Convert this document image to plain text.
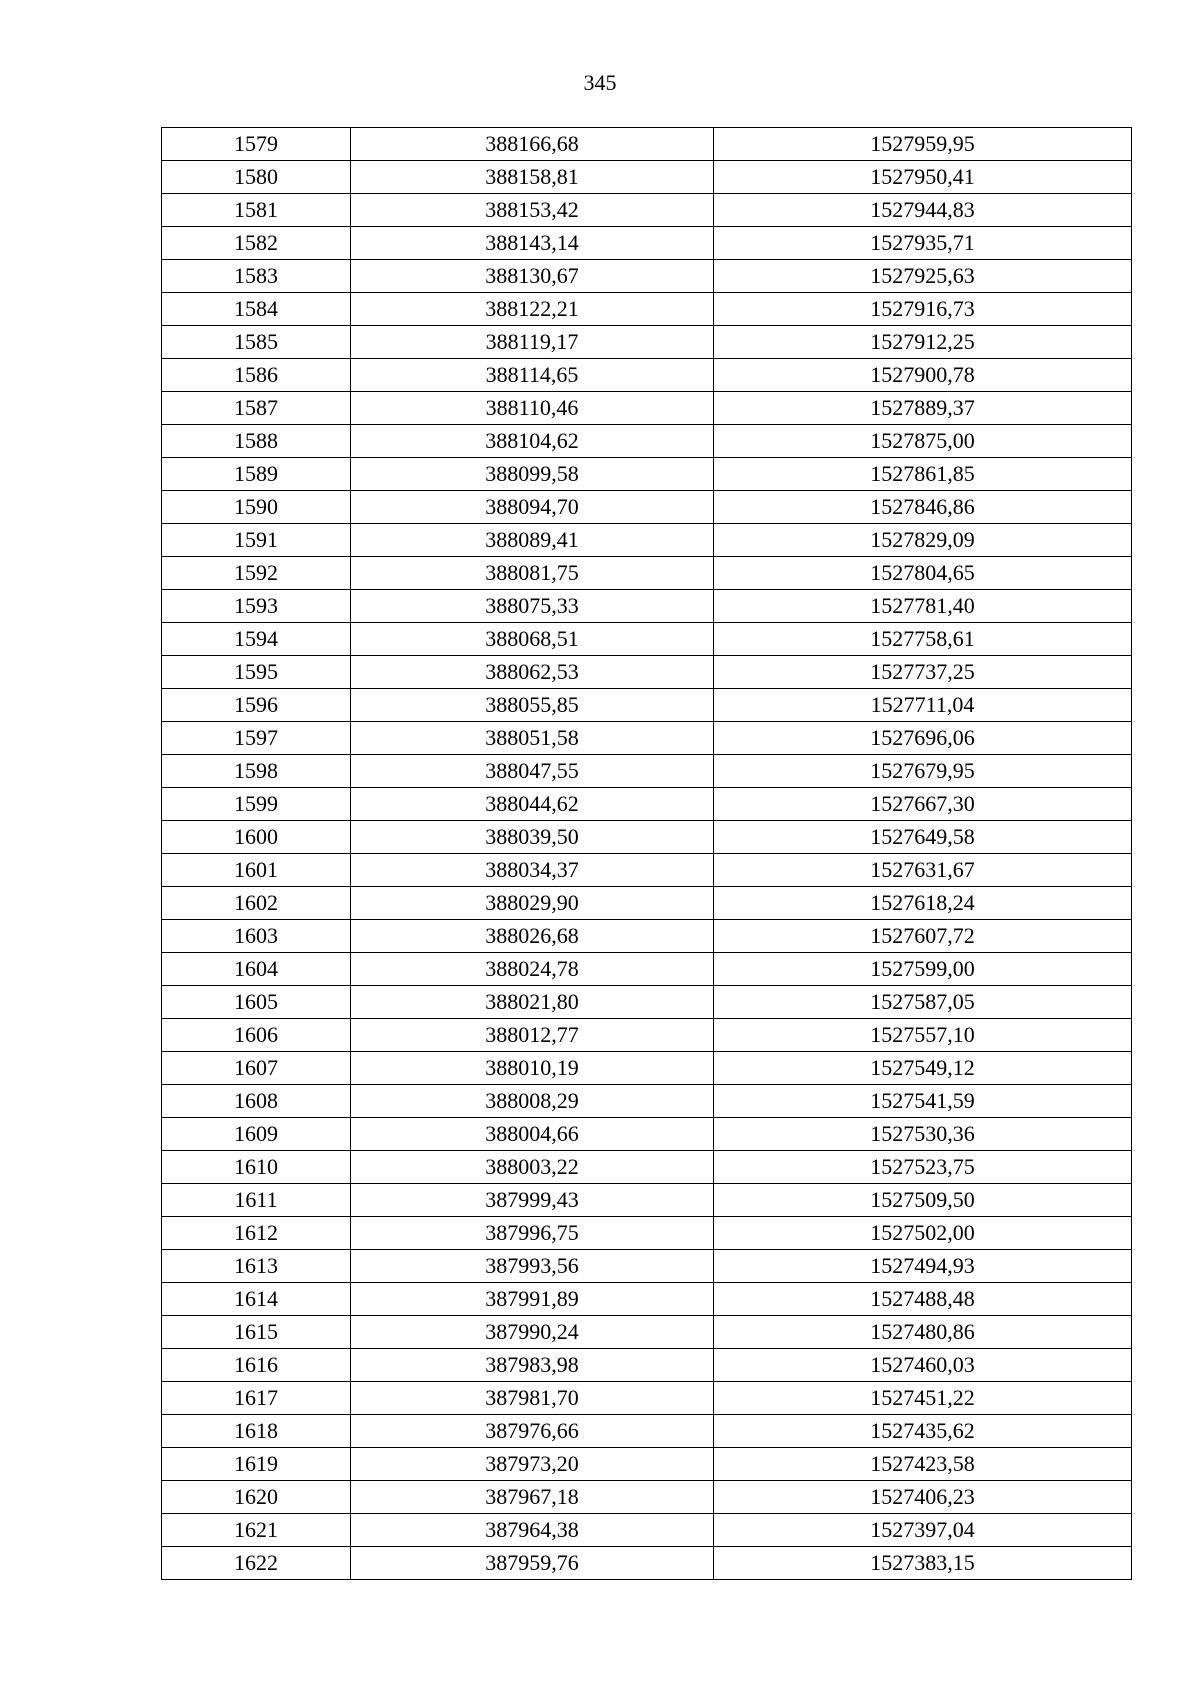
345
1579	388166,68	1527959,95
1580	388158,81	1527950,41
1581	388153,42	1527944,83
1582	388143,14	1527935,71
1583	388130,67	1527925,63
1584	388122,21	1527916,73
1585	388119,17	1527912,25
1586	388114,65	1527900,78
1587	388110,46	1527889,37
1588	388104,62	1527875,00
1589	388099,58	1527861,85
1590	388094,70	1527846,86
1591	388089,41	1527829,09
1592	388081,75	1527804,65
1593	388075,33	1527781,40
1594	388068,51	1527758,61
1595	388062,53	1527737,25
1596	388055,85	1527711,04
1597	388051,58	1527696,06
1598	388047,55	1527679,95
1599	388044,62	1527667,30
1600	388039,50	1527649,58
1601	388034,37	1527631,67
1602	388029,90	1527618,24
1603	388026,68	1527607,72
1604	388024,78	1527599,00
1605	388021,80	1527587,05
1606	388012,77	1527557,10
1607	388010,19	1527549,12
1608	388008,29	1527541,59
1609	388004,66	1527530,36
1610	388003,22	1527523,75
1611	387999,43	1527509,50
1612	387996,75	1527502,00
1613	387993,56	1527494,93
1614	387991,89	1527488,48
1615	387990,24	1527480,86
1616	387983,98	1527460,03
1617	387981,70	1527451,22
1618	387976,66	1527435,62
1619	387973,20	1527423,58
1620	387967,18	1527406,23
1621	387964,38	1527397,04
1622	387959,76	1527383,15
